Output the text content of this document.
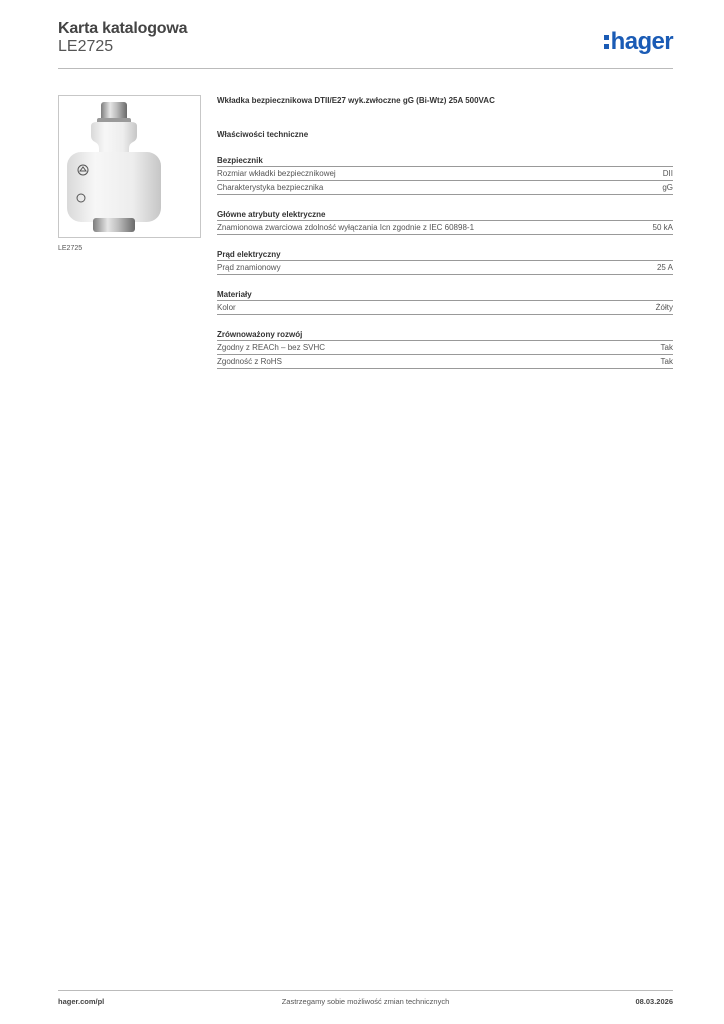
Karta katalogowa
LE2725	hager
LE2725
Wkładka bezpiecznikowa DTII/E27 wyk.zwłoczne gG (Bi-Wtz) 25A 500VAC
Właściwości techniczne
Bezpiecznik
Rozmiar wkładki bezpiecznikowej	DII
Charakterystyka bezpiecznika	gG
Główne atrybuty elektryczne
Znamionowa zwarciowa zdolność wyłączania Icn zgodnie z IEC 60898-1	50 kA
Prąd elektryczny
Prąd znamionowy	25 A
Materiały
Kolor	Żółty
Zrównoważony rozwój
Zgodny z REACh – bez SVHC	Tak
Zgodność z RoHS	Tak
hager.com/pl	Zastrzegamy sobie możliwość zmian technicznych	08.03.2026
